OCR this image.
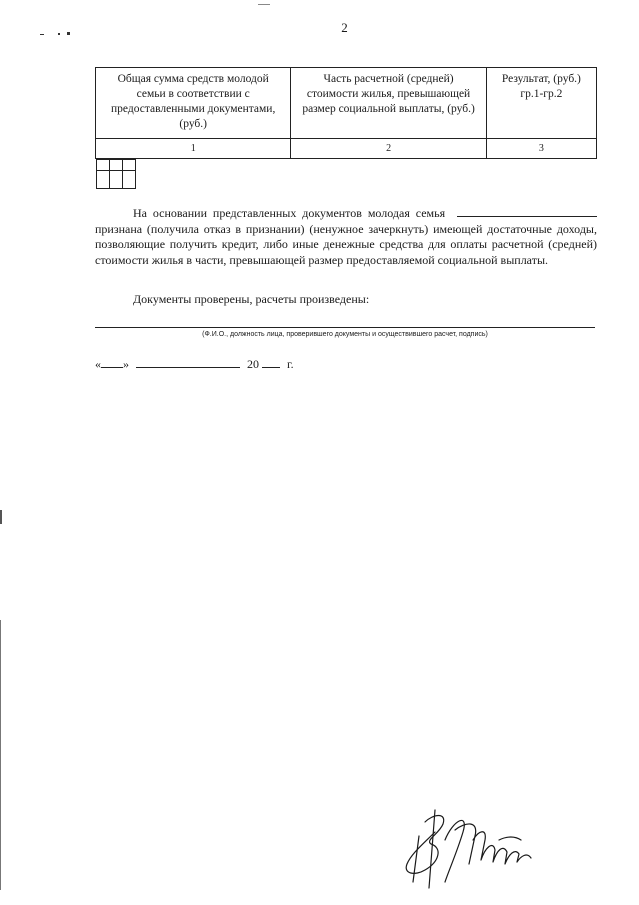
2
Общая сумма средств молодой семьи в соответствии с предоставленными документами, (руб.)	Часть расчетной (средней) стоимости жилья, превышающей размер социальной выплаты, (руб.)	Результат, (руб.) гр.1-гр.2
1	2	3

На основании представленных документов молодая семья  признана (получила отказ в признании) (ненужное зачеркнуть) имеющей достаточные доходы, позволяющие получить кредит, либо иные денежные средства для оплаты расчетной (средней) стоимости жилья в части, превышающей размер предоставляемой социальной выплаты.
Документы проверены, расчеты произведены:
(Ф.И.О., должность лица, проверившего документы и осуществившего расчет, подпись)
« »	20 г.
